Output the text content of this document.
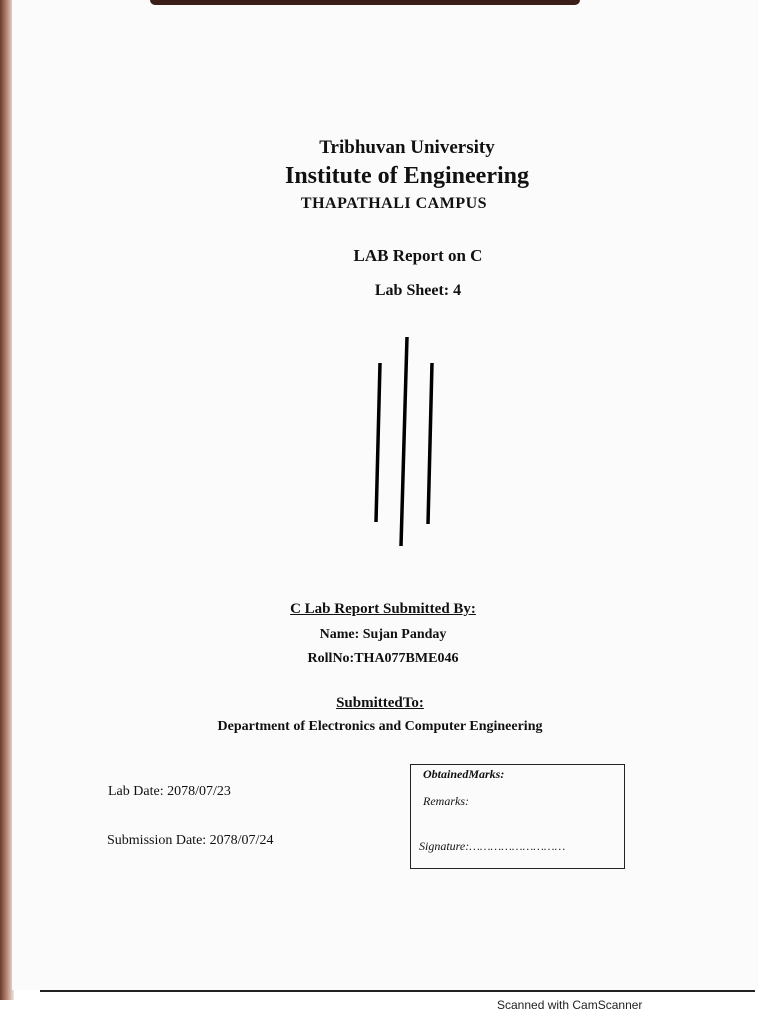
Tribhuvan University
Institute of Engineering
THAPATHALI CAMPUS
LAB Report on C
Lab Sheet: 4
C Lab Report Submitted By:
Name: Sujan Panday
RollNo:THA077BME046
SubmittedTo:
Department of Electronics and Computer Engineering
Lab Date: 2078/07/23
Submission Date: 2078/07/24
ObtainedMarks:
Remarks:
Signature:………………………
Scanned with CamScanner
